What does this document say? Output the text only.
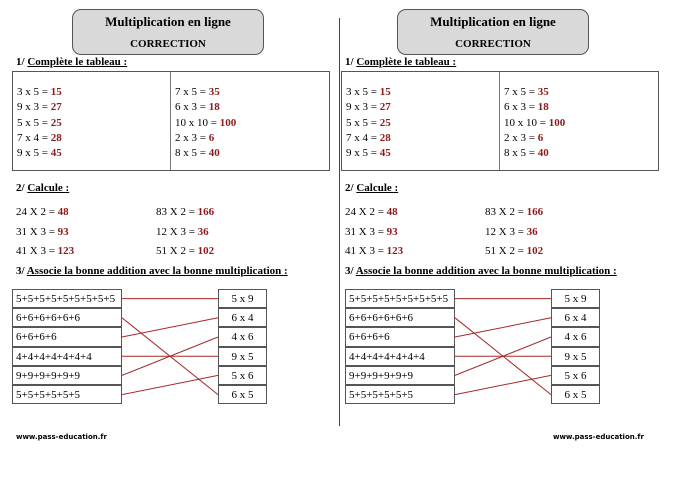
Multiplication en ligne
CORRECTION
1/ Complète le tableau :
3 x 5 = 15
9 x 3 = 27
5 x 5 = 25
7 x 4 = 28
9 x 5 = 45
7 x 5 = 35
6 x 3 = 18
10 x 10 = 100
2 x 3 = 6
8 x 5 = 40
2/ Calcule :
24 X 2 = 48
31 X 3 = 93
41 X 3 = 123
83 X 2 = 166
12 X 3 = 36
51 X 2 = 102
3/ Associe la bonne addition avec la bonne multiplication :
5+5+5+5+5+5+5+5+5
6+6+6+6+6+6
6+6+6+6
4+4+4+4+4+4+4
9+9+9+9+9+9
5+5+5+5+5+5
5 x 9
6 x 4
4 x 6
9 x 5
5 x 6
6 x 5
www.pass-education.fr
Multiplication en ligne
CORRECTION
1/ Complète le tableau :
3 x 5 = 15
9 x 3 = 27
5 x 5 = 25
7 x 4 = 28
9 x 5 = 45
7 x 5 = 35
6 x 3 = 18
10 x 10 = 100
2 x 3 = 6
8 x 5 = 40
2/ Calcule :
24 X 2 = 48
31 X 3 = 93
41 X 3 = 123
83 X 2 = 166
12 X 3 = 36
51 X 2 = 102
3/ Associe la bonne addition avec la bonne multiplication :
5+5+5+5+5+5+5+5+5
6+6+6+6+6+6
6+6+6+6
4+4+4+4+4+4+4
9+9+9+9+9+9
5+5+5+5+5+5
5 x 9
6 x 4
4 x 6
9 x 5
5 x 6
6 x 5
www.pass-education.fr
